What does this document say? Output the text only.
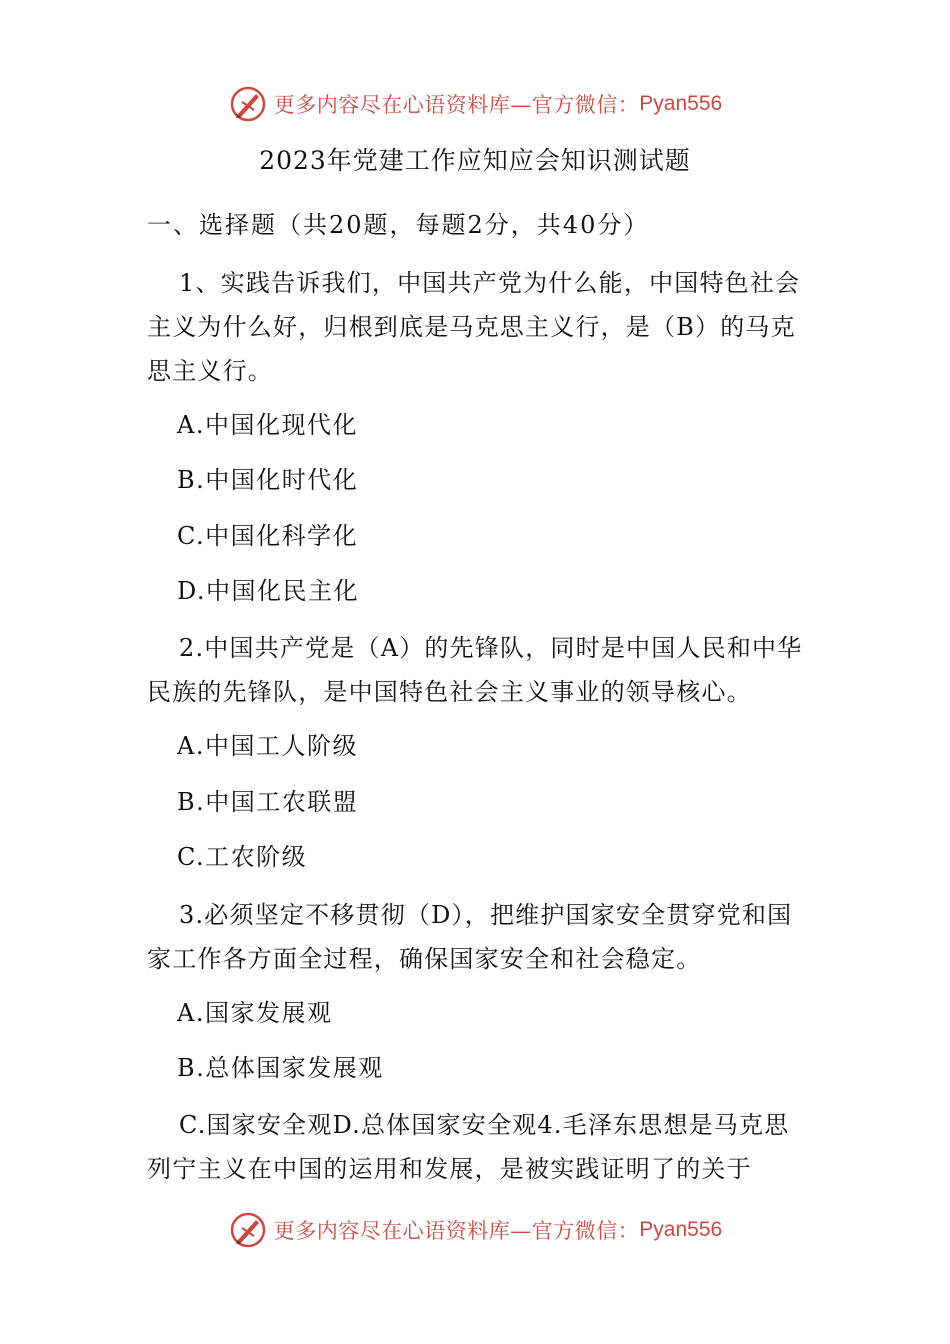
更多内容尽在心语资料库—官方微信： Pyan556
2023年党建工作应知应会知识测试题
一、选择题（共20题，每题2分，共40分）
1、实践告诉我们，中国共产党为什么能，中国特色社会主义为什么好，归根到底是马克思主义行，是（B）的马克思主义行。
A.中国化现代化
B.中国化时代化
C.中国化科学化
D.中国化民主化
2.中国共产党是（A）的先锋队，同时是中国人民和中华民族的先锋队，是中国特色社会主义事业的领导核心。
A.中国工人阶级
B.中国工农联盟
C.工农阶级
3.必须坚定不移贯彻（D），把维护国家安全贯穿党和国家工作各方面全过程，确保国家安全和社会稳定。
A.国家发展观
B.总体国家发展观
C.国家安全观D.总体国家安全观4.毛泽东思想是马克思列宁主义在中国的运用和发展，是被实践证明了的关于
更多内容尽在心语资料库—官方微信： Pyan556
